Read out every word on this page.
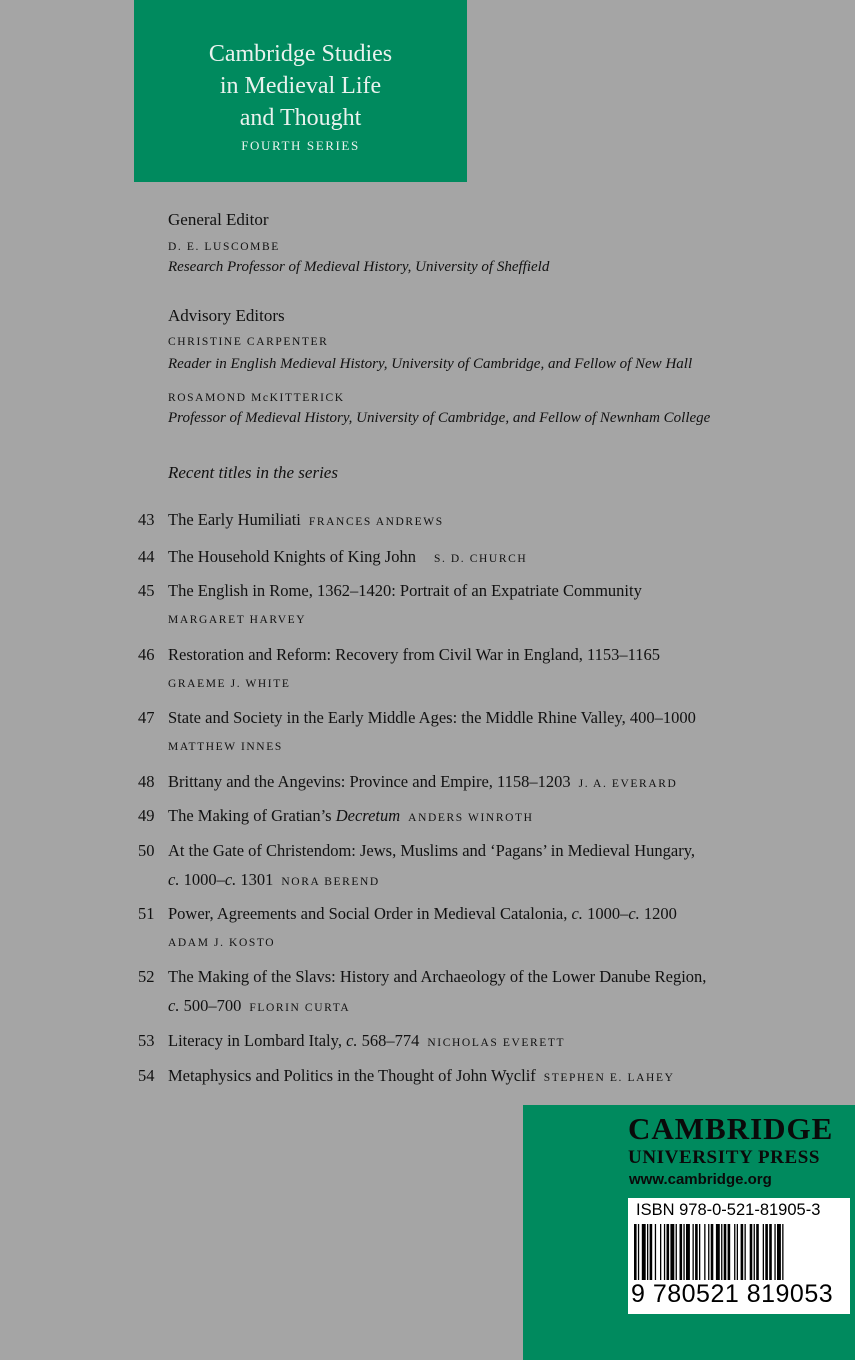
Cambridge Studies
in Medieval Life
and Thought
FOURTH SERIES
General Editor
D. E. LUSCOMBE
Research Professor of Medieval History, University of Sheffield
Advisory Editors
CHRISTINE CARPENTER
Reader in English Medieval History, University of Cambridge, and Fellow of New Hall
ROSAMOND McKITTERICK
Professor of Medieval History, University of Cambridge, and Fellow of Newnham College
Recent titles in the series
43 The Early Humiliati FRANCES ANDREWS
44 The Household Knights of King John S. D. CHURCH
45 The English in Rome, 1362–1420: Portrait of an Expatriate Community
MARGARET HARVEY
46 Restoration and Reform: Recovery from Civil War in England, 1153–1165
GRAEME J. WHITE
47 State and Society in the Early Middle Ages: the Middle Rhine Valley, 400–1000
MATTHEW INNES
48 Brittany and the Angevins: Province and Empire, 1158–1203 J. A. EVERARD
49 The Making of Gratian’s Decretum ANDERS WINROTH
50 At the Gate of Christendom: Jews, Muslims and ‘Pagans’ in Medieval Hungary,
c. 1000–c. 1301 NORA BEREND
51 Power, Agreements and Social Order in Medieval Catalonia, c. 1000–c. 1200
ADAM J. KOSTO
52 The Making of the Slavs: History and Archaeology of the Lower Danube Region,
c. 500–700 FLORIN CURTA
53 Literacy in Lombard Italy, c. 568–774 NICHOLAS EVERETT
54 Metaphysics and Politics in the Thought of John Wyclif STEPHEN E. LAHEY
CAMBRIDGE
UNIVERSITY PRESS
www.cambridge.org
ISBN 978-0-521-81905-3
9 780521 819053
